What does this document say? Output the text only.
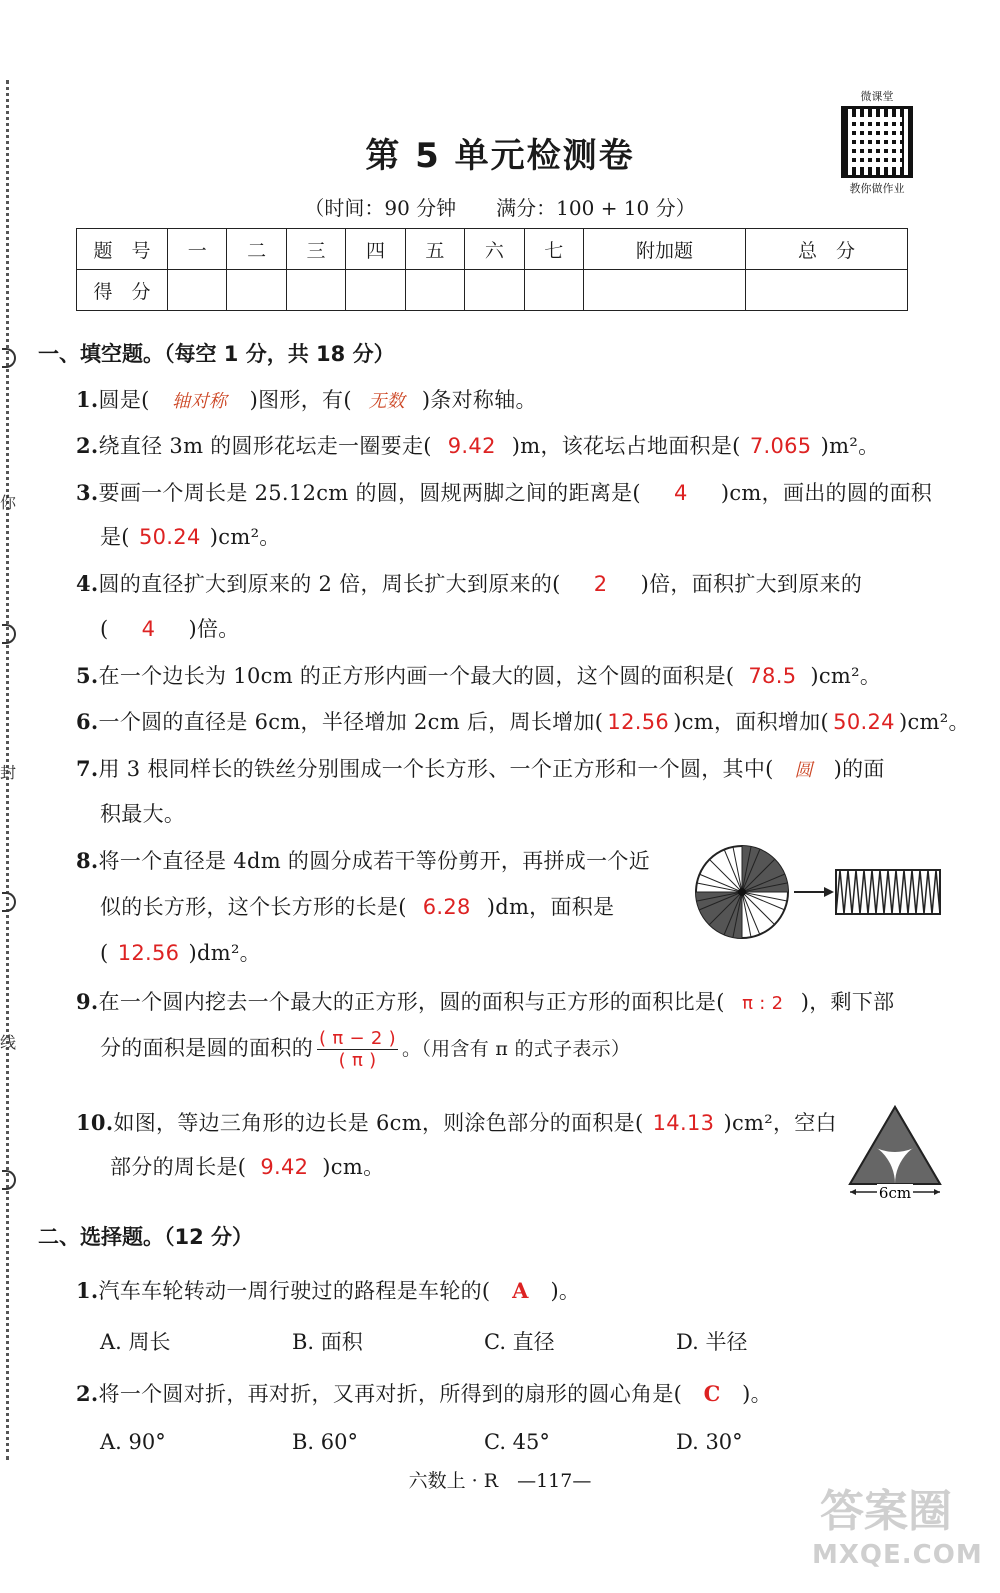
你
封
线
微课堂
教你做作业
第 5 单元检测卷
（时间：90 分钟　　满分：100 + 10 分）
题　号	一	二	三	四	五	六	七	附加题	总　分
得　分									
一、填空题。（每空 1 分，共 18 分）
1.圆是( 轴对称 )图形，有( 无数 )条对称轴。
2.绕直径 3m 的圆形花坛走一圈要走( 9.42 )m，该花坛占地面积是( 7.065 )m²。
3.要画一个周长是 25.12cm 的圆，圆规两脚之间的距离是( 4 )cm，画出的圆的面积
是( 50.24 )cm²。
4.圆的直径扩大到原来的 2 倍，周长扩大到原来的( 2 )倍，面积扩大到原来的
( 4 )倍。
5.在一个边长为 10cm 的正方形内画一个最大的圆，这个圆的面积是( 78.5 )cm²。
6.一个圆的直径是 6cm，半径增加 2cm 后，周长增加( 12.56 )cm，面积增加( 50.24 )cm²。
7.用 3 根同样长的铁丝分别围成一个长方形、一个正方形和一个圆，其中( 圆 )的面
积最大。
8.将一个直径是 4dm 的圆分成若干等份剪开，再拼成一个近
似的长方形，这个长方形的长是( 6.28 )dm，面积是
( 12.56 )dm²。
9.在一个圆内挖去一个最大的正方形，圆的面积与正方形的面积比是( π : 2 )，剩下部
分的面积是圆的面积的 $\frac{( \pi - 2 )}{( \pi )}$ 。（用含有 π 的式子表示）
10.如图，等边三角形的边长是 6cm，则涂色部分的面积是( 14.13 )cm²，空白
部分的周长是( 9.42 )cm。
6cm
二、选择题。（12 分）
1.汽车车轮转动一周行驶过的路程是车轮的( A )。
A. 周长	B. 面积	C. 直径	D. 半径
2.将一个圆对折，再对折，又再对折，所得到的扇形的圆心角是( C )。
A. 90°	B. 60°	C. 45°	D. 30°
六数上 · R　—117—
答案圈
MXQE.COM
